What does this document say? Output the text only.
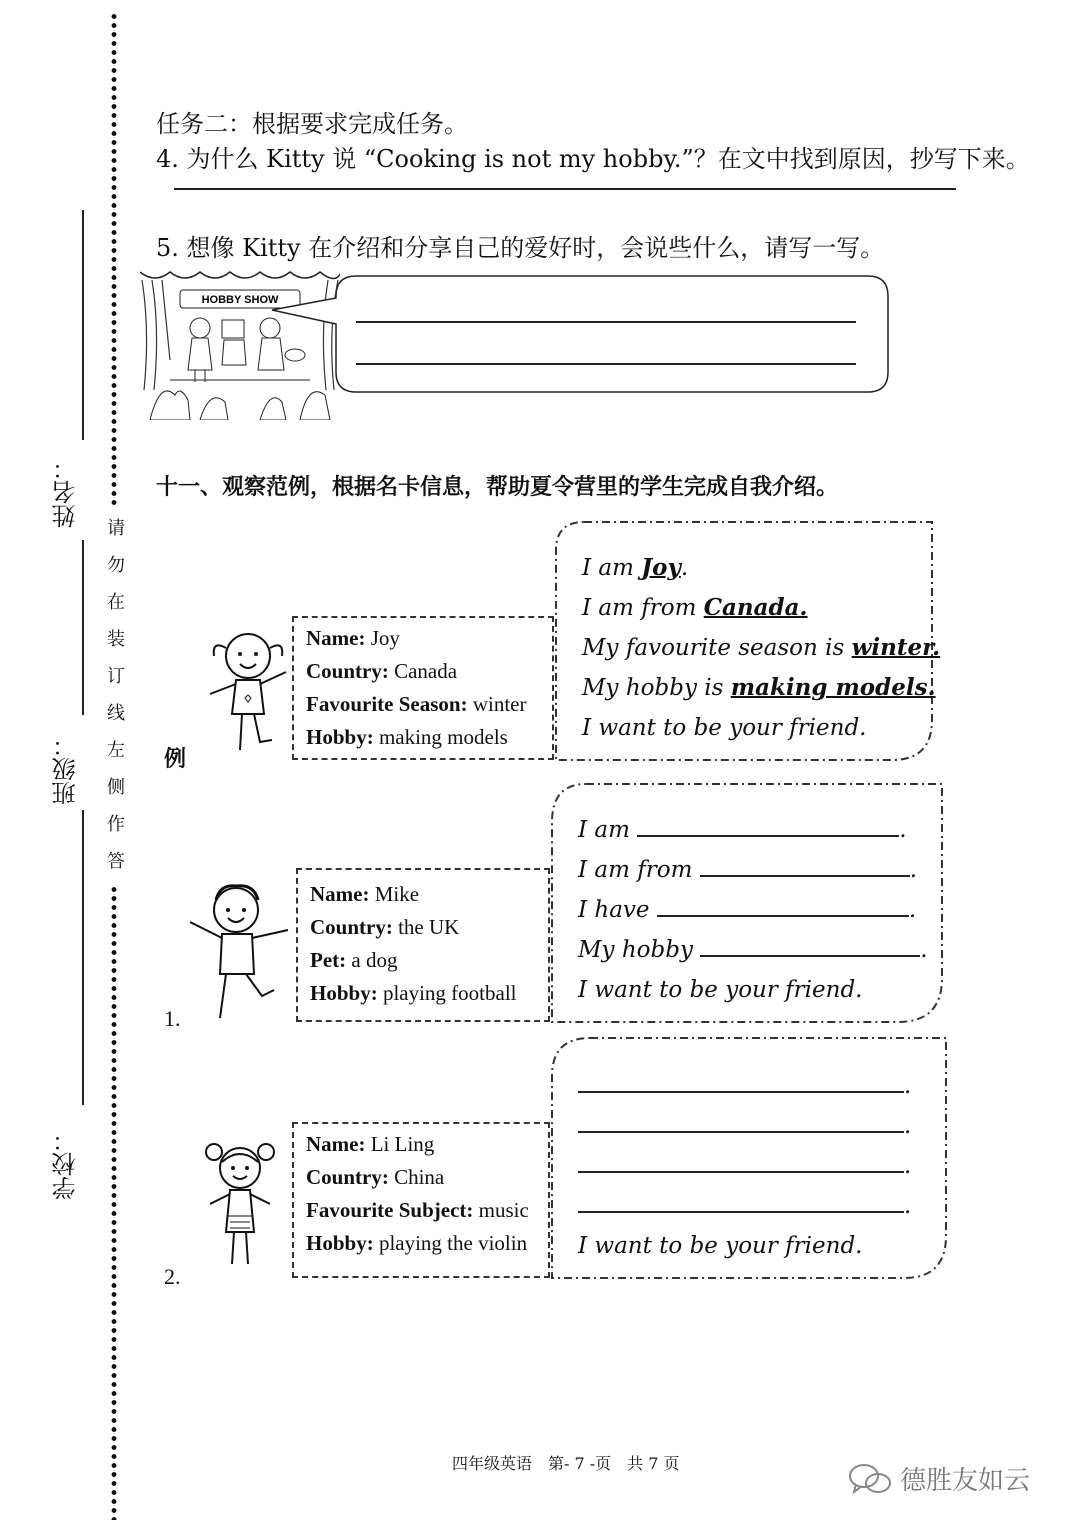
请
勿
在
装
订
线
左
侧
作
答
姓名：
班级：
学校：
任务二：根据要求完成任务。
4. 为什么 Kitty 说 “Cooking is not my hobby.”？在文中找到原因，抄写下来。
5. 想像 Kitty 在介绍和分享自己的爱好时，会说些什么，请写一写。
HOBBY SHOW
十一、观察范例，根据名卡信息，帮助夏令营里的学生完成自我介绍。
例
Name: Joy
Country: Canada
Favourite Season: winter
Hobby: making models
I am Joy.
I am from Canada.
My favourite season is winter.
My hobby is making models.
I want to be your friend.
1.
Name: Mike
Country: the UK
Pet: a dog
Hobby: playing football
I am	.
I am from	.
I have	.
My hobby	.
I want to be your friend.
2.
Name: Li Ling
Country: China
Favourite Subject: music
Hobby: playing the violin
.
.
.
.
I want to be your friend.
四年级英语　第- 7 -页　共 7 页
德胜友如云
